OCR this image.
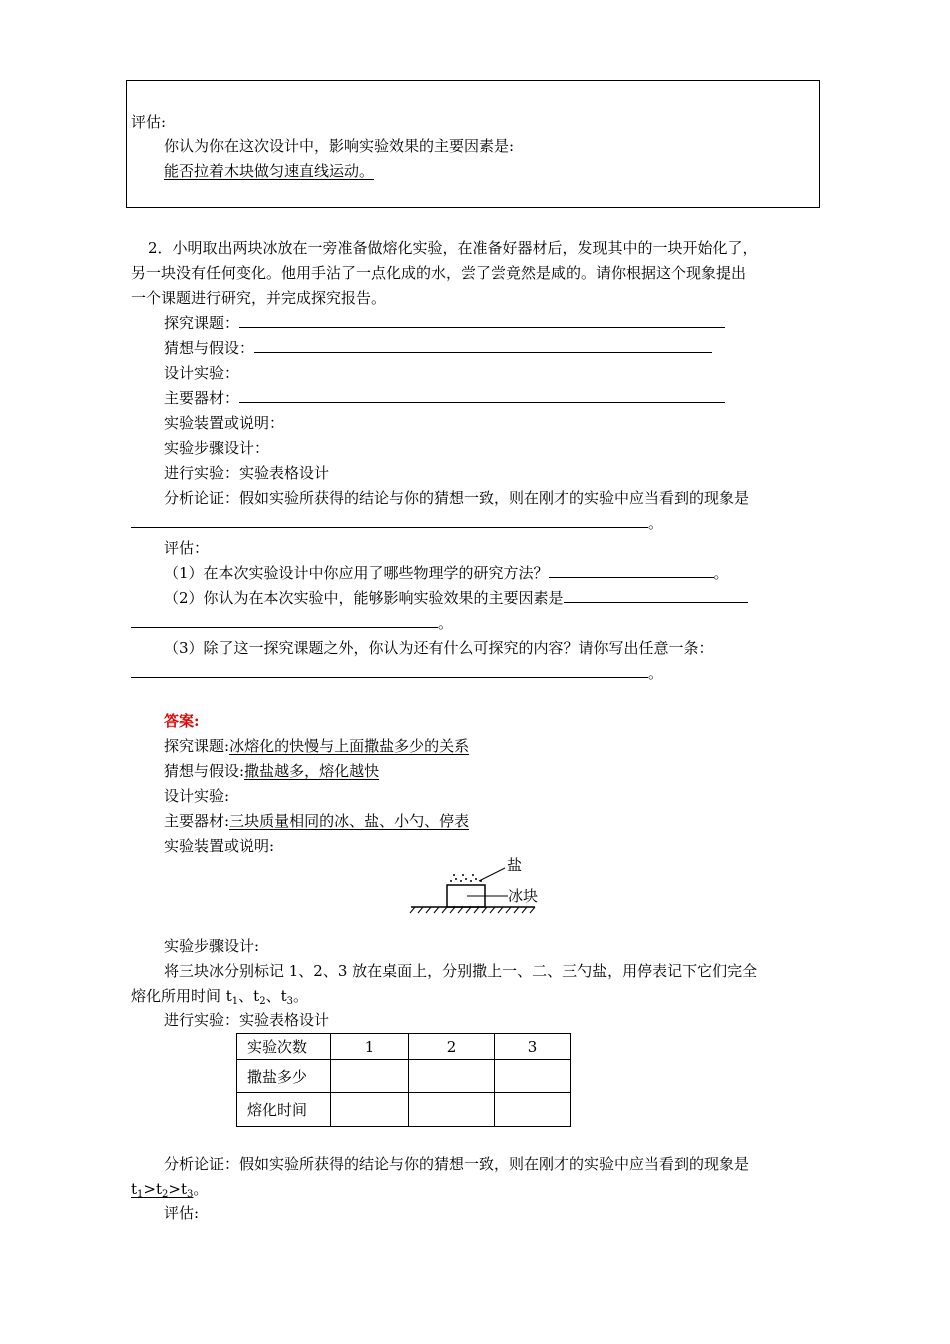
评估:
你认为你在这次设计中，影响实验效果的主要因素是:
能否拉着木块做匀速直线运动。
2．小明取出两块冰放在一旁准备做熔化实验，在准备好器材后，发现其中的一块开始化了，
另一块没有任何变化。他用手沾了一点化成的水，尝了尝竟然是咸的。请你根据这个现象提出
一个课题进行研究，并完成探究报告。
探究课题：
猜想与假设：
设计实验：
主要器材：
实验装置或说明：
实验步骤设计：
进行实验：实验表格设计
分析论证：假如实验所获得的结论与你的猜想一致，则在刚才的实验中应当看到的现象是
。
评估：
（1）在本次实验设计中你应用了哪些物理学的研究方法？	。
（2）你认为在本次实验中，能够影响实验效果的主要因素是
。
（3）除了这一探究课题之外，你认为还有什么可探究的内容？请你写出任意一条：
。
答案:
探究课题:冰熔化的快慢与上面撒盐多少的关系
猜想与假设:撒盐越多，熔化越快
设计实验:
主要器材:三块质量相同的冰、盐、小勺、停表
实验装置或说明:
盐
冰块
实验步骤设计:
将三块冰分别标记 1、2、3 放在桌面上，分别撒上一、二、三勺盐，用停表记下它们完全
熔化所用时间 $t_1$、$t_2$、$t_3$。
进行实验：实验表格设计
实验次数	1	2	3
撒盐多少			
熔化时间			
分析论证：假如实验所获得的结论与你的猜想一致，则在刚才的实验中应当看到的现象是
$t_1>t_2>t_3$。
评估:
